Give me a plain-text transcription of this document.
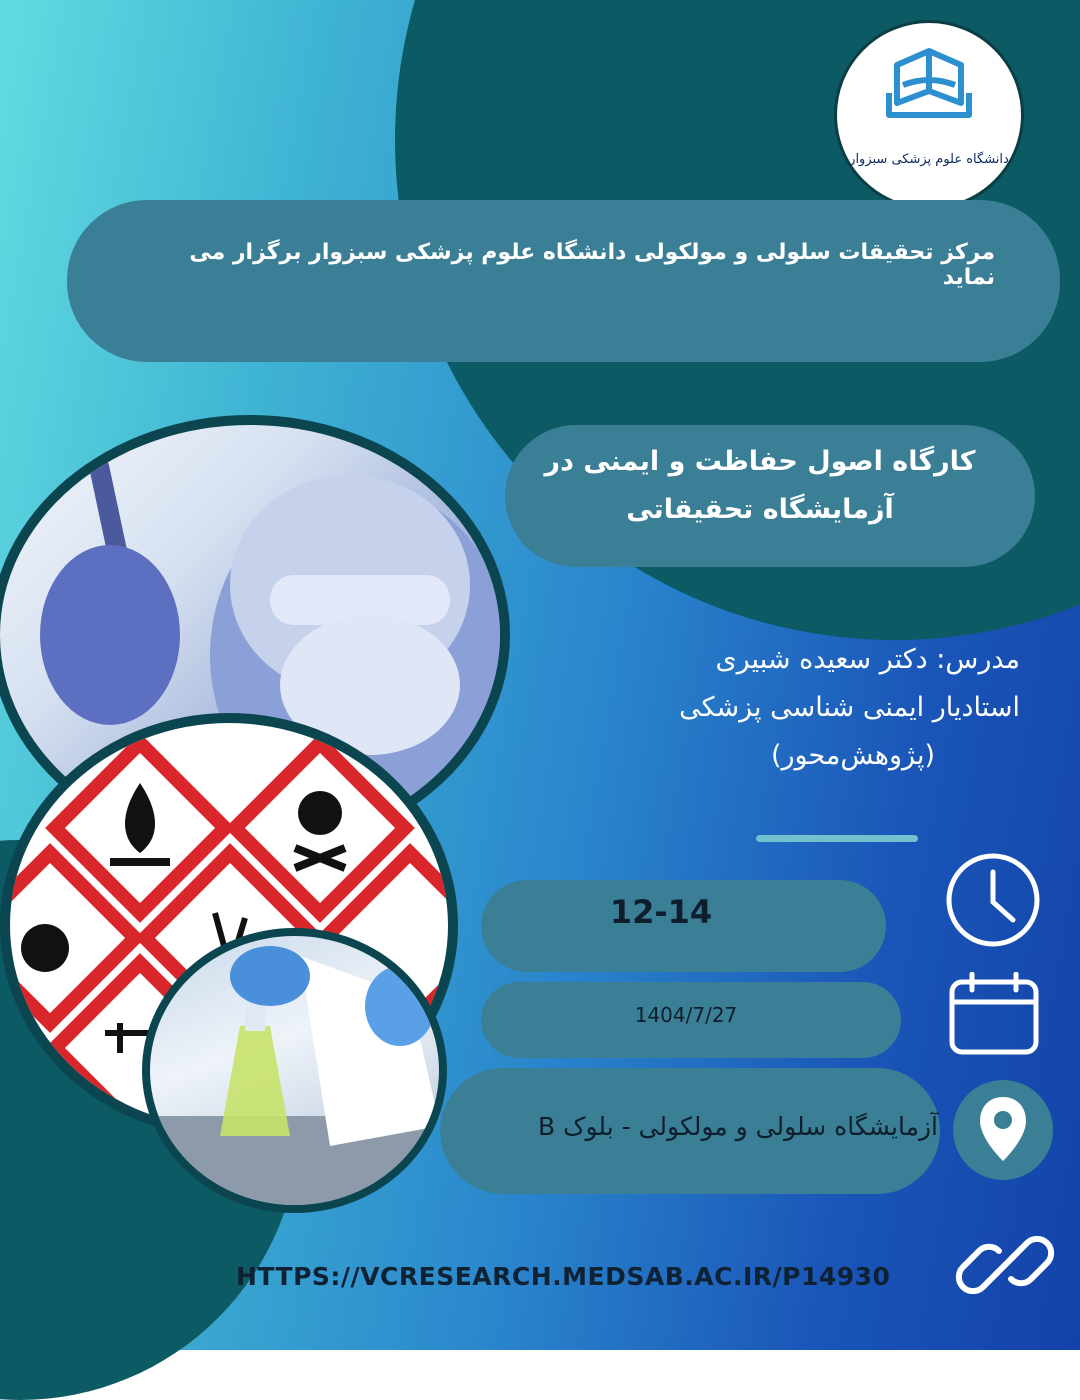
دانشگاه علوم پزشکی سبزوار
مرکز تحقیقات سلولی و مولکولی دانشگاه علوم پزشکی سبزوار برگزار می نماید
کارگاه اصول حفاظت و ایمنی در
آزمایشگاه تحقیقاتی
مدرس: دکتر سعیده شبیری
استادیار ایمنی شناسی پزشکی
(پژوهش‌محور)
12-14
1404/7/27
آزمایشگاه سلولی و مولکولی - بلوک B
HTTPS://VCRESEARCH.MEDSAB.AC.IR/P14930
